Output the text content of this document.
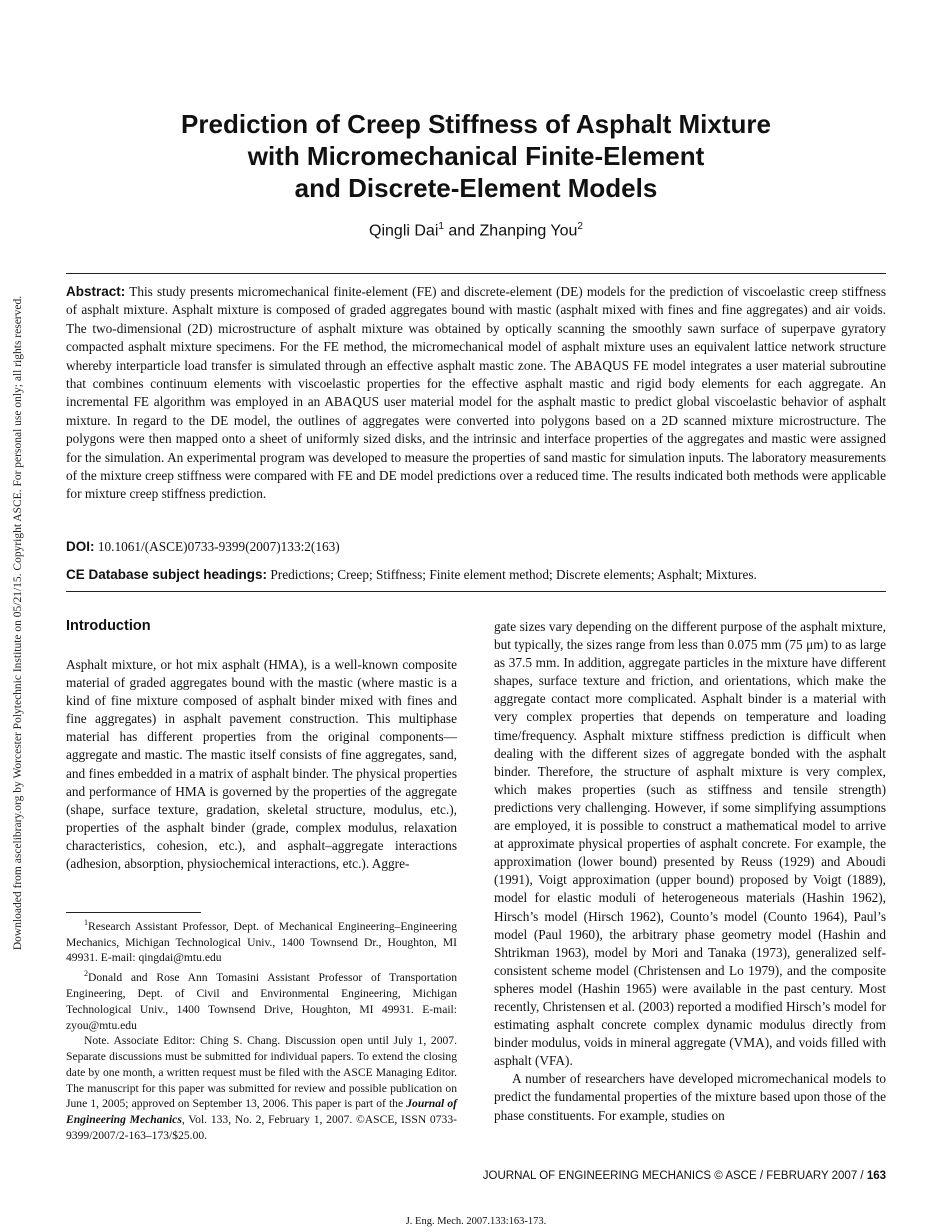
Downloaded from ascelibrary.org by Worcester Polytechnic Institute on 05/21/15. Copyright ASCE. For personal use only; all rights reserved.
Prediction of Creep Stiffness of Asphalt Mixture
with Micromechanical Finite-Element
and Discrete-Element Models
Qingli Dai$^1$ and Zhanping You$^2$
Abstract: This study presents micromechanical finite-element (FE) and discrete-element (DE) models for the prediction of viscoelastic creep stiffness of asphalt mixture. Asphalt mixture is composed of graded aggregates bound with mastic (asphalt mixed with fines and fine aggregates) and air voids. The two-dimensional (2D) microstructure of asphalt mixture was obtained by optically scanning the smoothly sawn surface of superpave gyratory compacted asphalt mixture specimens. For the FE method, the micromechanical model of asphalt mixture uses an equivalent lattice network structure whereby interparticle load transfer is simulated through an effective asphalt mastic zone. The ABAQUS FE model integrates a user material subroutine that combines continuum elements with viscoelastic properties for the effective asphalt mastic and rigid body elements for each aggregate. An incremental FE algorithm was employed in an ABAQUS user material model for the asphalt mastic to predict global viscoelastic behavior of asphalt mixture. In regard to the DE model, the outlines of aggregates were converted into polygons based on a 2D scanned mixture microstructure. The polygons were then mapped onto a sheet of uniformly sized disks, and the intrinsic and interface properties of the aggregates and mastic were assigned for the simulation. An experimental program was developed to measure the properties of sand mastic for simulation inputs. The laboratory measurements of the mixture creep stiffness were compared with FE and DE model predictions over a reduced time. The results indicated both methods were applicable for mixture creep stiffness prediction.
DOI: 10.1061/(ASCE)0733-9399(2007)133:2(163)
CE Database subject headings: Predictions; Creep; Stiffness; Finite element method; Discrete elements; Asphalt; Mixtures.
Introduction

Asphalt mixture, or hot mix asphalt (HMA), is a well-known composite material of graded aggregates bound with the mastic (where mastic is a kind of fine mixture composed of asphalt binder mixed with fines and fine aggregates) in asphalt pavement construction. This multiphase material has different properties from the original components—aggregate and mastic. The mastic itself consists of fine aggregates, sand, and fines embedded in a matrix of asphalt binder. The physical properties and performance of HMA is governed by the properties of the aggregate (shape, surface texture, gradation, skeletal structure, modulus, etc.), properties of the asphalt binder (grade, complex modulus, relaxation characteristics, cohesion, etc.), and asphalt–aggregate interactions (adhesion, absorption, physiochemical interactions, etc.). Aggre-

$^1$Research Assistant Professor, Dept. of Mechanical Engineering–Engineering Mechanics, Michigan Technological Univ., 1400 Townsend Dr., Houghton, MI 49931. E-mail: qingdai@mtu.edu

$^2$Donald and Rose Ann Tomasini Assistant Professor of Transportation Engineering, Dept. of Civil and Environmental Engineering, Michigan Technological Univ., 1400 Townsend Drive, Houghton, MI 49931. E-mail: zyou@mtu.edu

Note. Associate Editor: Ching S. Chang. Discussion open until July 1, 2007. Separate discussions must be submitted for individual papers. To extend the closing date by one month, a written request must be filed with the ASCE Managing Editor. The manuscript for this paper was submitted for review and possible publication on June 1, 2005; approved on September 13, 2006. This paper is part of the Journal of Engineering Mechanics, Vol. 133, No. 2, February 1, 2007. ©ASCE, ISSN 0733-9399/2007/2-163–173/$25.00.

gate sizes vary depending on the different purpose of the asphalt mixture, but typically, the sizes range from less than 0.075 mm (75 μm) to as large as 37.5 mm. In addition, aggregate particles in the mixture have different shapes, surface texture and friction, and orientations, which make the aggregate contact more complicated. Asphalt binder is a material with very complex properties that depends on temperature and loading time/frequency. Asphalt mixture stiffness prediction is difficult when dealing with the different sizes of aggregate bonded with the asphalt binder. Therefore, the structure of asphalt mixture is very complex, which makes properties (such as stiffness and tensile strength) predictions very challenging. However, if some simplifying assumptions are employed, it is possible to construct a mathematical model to arrive at approximate physical properties of asphalt concrete. For example, the approximation (lower bound) presented by Reuss (1929) and Aboudi (1991), Voigt approximation (upper bound) proposed by Voigt (1889), model for elastic moduli of heterogeneous materials (Hashin 1962), Hirsch’s model (Hirsch 1962), Counto’s model (Counto 1964), Paul’s model (Paul 1960), the arbitrary phase geometry model (Hashin and Shtrikman 1963), model by Mori and Tanaka (1973), generalized self-consistent scheme model (Christensen and Lo 1979), and the composite spheres model (Hashin 1965) were available in the past century. Most recently, Christensen et al. (2003) reported a modified Hirsch’s model for estimating asphalt concrete complex dynamic modulus directly from binder modulus, voids in mineral aggregate (VMA), and voids filled with asphalt (VFA).

A number of researchers have developed micromechanical models to predict the fundamental properties of the mixture based upon those of the phase constituents. For example, studies on

JOURNAL OF ENGINEERING MECHANICS © ASCE / FEBRUARY 2007 / 163
J. Eng. Mech. 2007.133:163-173.
